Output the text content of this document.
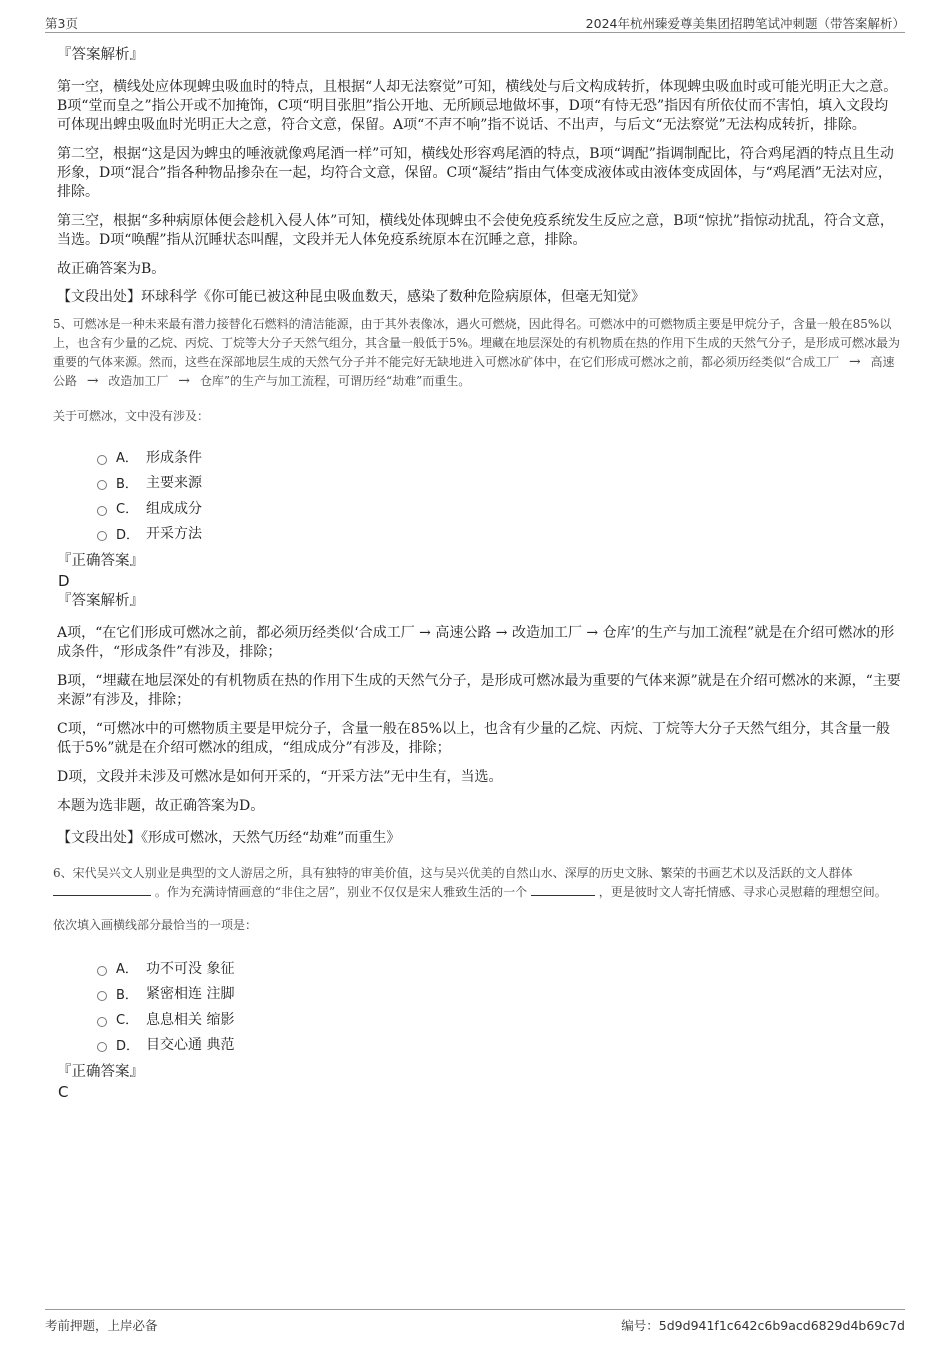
第3页	2024年杭州臻爱尊美集团招聘笔试冲刺题（带答案解析）
『答案解析』
第一空，横线处应体现蜱虫吸血时的特点，且根据“人却无法察觉”可知，横线处与后文构成转折，体现蜱虫吸血时或可能光明正大之意。B项“堂而皇之”指公开或不加掩饰，C项“明目张胆”指公开地、无所顾忌地做坏事，D项“有恃无恐”指因有所依仗而不害怕，填入文段均可体现出蜱虫吸血时光明正大之意，符合文意，保留。A项“不声不响”指不说话、不出声，与后文“无法察觉”无法构成转折，排除。
第二空，根据“这是因为蜱虫的唾液就像鸡尾酒一样”可知，横线处形容鸡尾酒的特点，B项“调配”指调制配比，符合鸡尾酒的特点且生动形象，D项“混合”指各种物品掺杂在一起，均符合文意，保留。C项“凝结”指由气体变成液体或由液体变成固体，与“鸡尾酒”无法对应，排除。
第三空，根据“多种病原体便会趁机入侵人体”可知，横线处体现蜱虫不会使免疫系统发生反应之意，B项“惊扰”指惊动扰乱，符合文意，当选。D项“唤醒”指从沉睡状态叫醒，文段并无人体免疫系统原本在沉睡之意，排除。
故正确答案为B。
【文段出处】环球科学《你可能已被这种昆虫吸血数天，感染了数种危险病原体，但毫无知觉》
5、可燃冰是一种未来最有潜力接替化石燃料的清洁能源，由于其外表像冰，遇火可燃烧，因此得名。可燃冰中的可燃物质主要是甲烷分子，含量一般在85%以上，也含有少量的乙烷、丙烷、丁烷等大分子天然气组分，其含量一般低于5%。埋藏在地层深处的有机物质在热的作用下生成的天然气分子，是形成可燃冰最为重要的气体来源。然而，这些在深部地层生成的天然气分子并不能完好无缺地进入可燃冰矿体中，在它们形成可燃冰之前，都必须历经类似“合成工厂 → 高速公路 → 改造加工厂 → 仓库”的生产与加工流程，可谓历经“劫难”而重生。
关于可燃冰，文中没有涉及：
A． 形成条件
B． 主要来源
C． 组成成分
D． 开采方法
『正确答案』
D
『答案解析』
A项，“在它们形成可燃冰之前，都必须历经类似‘合成工厂 → 高速公路 → 改造加工厂 → 仓库’的生产与加工流程”就是在介绍可燃冰的形成条件，“形成条件”有涉及，排除；
B项，“埋藏在地层深处的有机物质在热的作用下生成的天然气分子，是形成可燃冰最为重要的气体来源”就是在介绍可燃冰的来源，“主要来源”有涉及，排除；
C项，“可燃冰中的可燃物质主要是甲烷分子，含量一般在85%以上，也含有少量的乙烷、丙烷、丁烷等大分子天然气组分，其含量一般低于5%”就是在介绍可燃冰的组成，“组成成分”有涉及，排除；
D项，文段并未涉及可燃冰是如何开采的，“开采方法”无中生有，当选。
本题为选非题，故正确答案为D。
【文段出处】《形成可燃冰，天然气历经“劫难”而重生》
6、宋代吴兴文人别业是典型的文人游居之所，具有独特的审美价值，这与吴兴优美的自然山水、深厚的历史文脉、繁荣的书画艺术以及活跃的文人群体  。作为充满诗情画意的“非住之居”，别业不仅仅是宋人雅致生活的一个	，更是彼时文人寄托情感、寻求心灵慰藉的理想空间。
依次填入画横线部分最恰当的一项是：
A． 功不可没 象征
B． 紧密相连 注脚
C． 息息相关 缩影
D． 目交心通 典范
『正确答案』
C
考前押题，上岸必备	编号：5d9d941f1c642c6b9acd6829d4b69c7d
